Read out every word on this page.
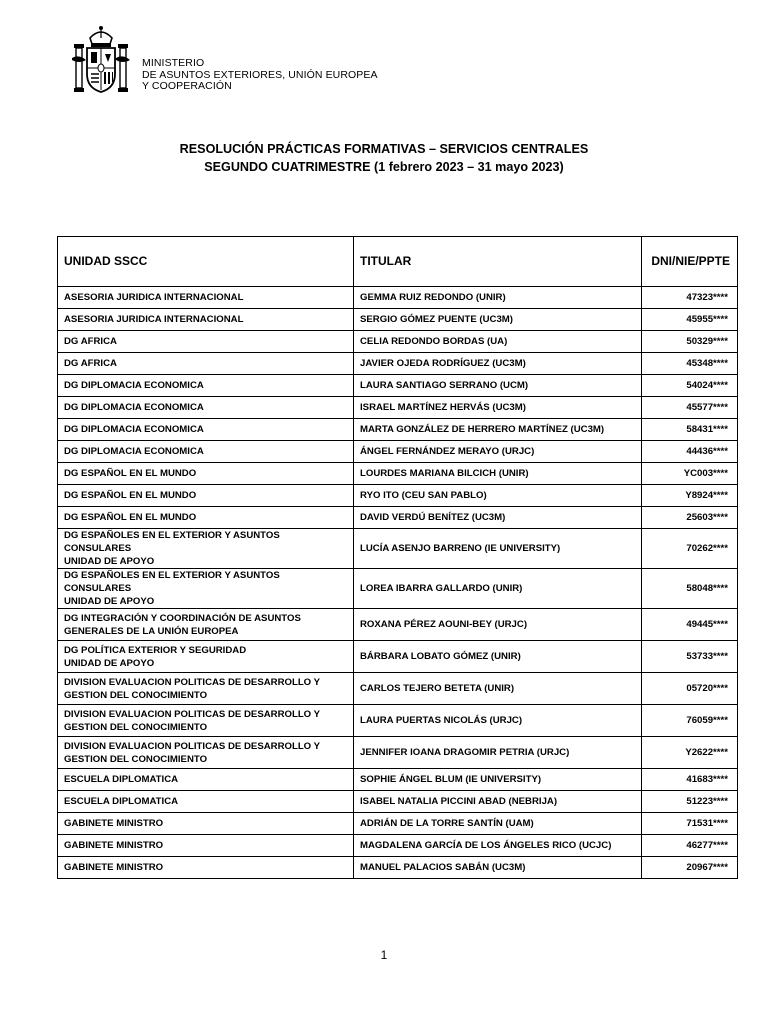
MINISTERIO
DE ASUNTOS EXTERIORES, UNIÓN EUROPEA
Y COOPERACIÓN
RESOLUCIÓN PRÁCTICAS FORMATIVAS – SERVICIOS CENTRALES
SEGUNDO CUATRIMESTRE (1 febrero 2023 – 31 mayo 2023)
UNIDAD SSCC	TITULAR	DNI/NIE/PPTE

ASESORIA JURIDICA INTERNACIONAL	GEMMA RUIZ REDONDO (UNIR)	47323****

ASESORIA JURIDICA INTERNACIONAL	SERGIO GÓMEZ PUENTE (UC3M)	45955****

DG AFRICA	CELIA REDONDO BORDAS (UA)	50329****

DG AFRICA	JAVIER OJEDA RODRÍGUEZ (UC3M)	45348****

DG DIPLOMACIA ECONOMICA	LAURA SANTIAGO SERRANO (UCM)	54024****

DG DIPLOMACIA ECONOMICA	ISRAEL MARTÍNEZ HERVÁS (UC3M)	45577****

DG DIPLOMACIA ECONOMICA	MARTA GONZÁLEZ DE HERRERO MARTÍNEZ (UC3M)	58431****

DG DIPLOMACIA ECONOMICA	ÁNGEL FERNÁNDEZ MERAYO (URJC)	44436****

DG ESPAÑOL EN EL MUNDO	LOURDES MARIANA BILCICH (UNIR)	YC003****

DG ESPAÑOL EN EL MUNDO	RYO ITO (CEU SAN PABLO)	Y8924****

DG ESPAÑOL EN EL MUNDO	DAVID VERDÚ BENÍTEZ (UC3M)	25603****

DG ESPAÑOLES EN EL EXTERIOR Y ASUNTOS CONSULARES
UNIDAD DE APOYO	LUCÍA ASENJO BARRENO (IE UNIVERSITY)	70262****

DG ESPAÑOLES EN EL EXTERIOR Y ASUNTOS CONSULARES
UNIDAD DE APOYO	LOREA IBARRA GALLARDO (UNIR)	58048****

DG INTEGRACIÓN Y COORDINACIÓN DE ASUNTOS
GENERALES DE LA UNIÓN EUROPEA	ROXANA PÉREZ AOUNI-BEY (URJC)	49445****

DG POLÍTICA EXTERIOR Y SEGURIDAD
UNIDAD DE APOYO	BÁRBARA LOBATO GÓMEZ (UNIR)	53733****

DIVISION EVALUACION POLITICAS DE DESARROLLO Y
GESTION DEL CONOCIMIENTO	CARLOS TEJERO BETETA (UNIR)	05720****

DIVISION EVALUACION POLITICAS DE DESARROLLO Y
GESTION DEL CONOCIMIENTO	LAURA PUERTAS NICOLÁS (URJC)	76059****

DIVISION EVALUACION POLITICAS DE DESARROLLO Y
GESTION DEL CONOCIMIENTO	JENNIFER IOANA DRAGOMIR PETRIA (URJC)	Y2622****

ESCUELA DIPLOMATICA	SOPHIE ÁNGEL BLUM (IE UNIVERSITY)	41683****

ESCUELA DIPLOMATICA	ISABEL NATALIA PICCINI ABAD (NEBRIJA)	51223****

GABINETE MINISTRO	ADRIÁN DE LA TORRE SANTÍN (UAM)	71531****

GABINETE MINISTRO	MAGDALENA GARCÍA DE LOS ÁNGELES RICO (UCJC)	46277****

GABINETE MINISTRO	MANUEL PALACIOS SABÁN (UC3M)	20967****
1
